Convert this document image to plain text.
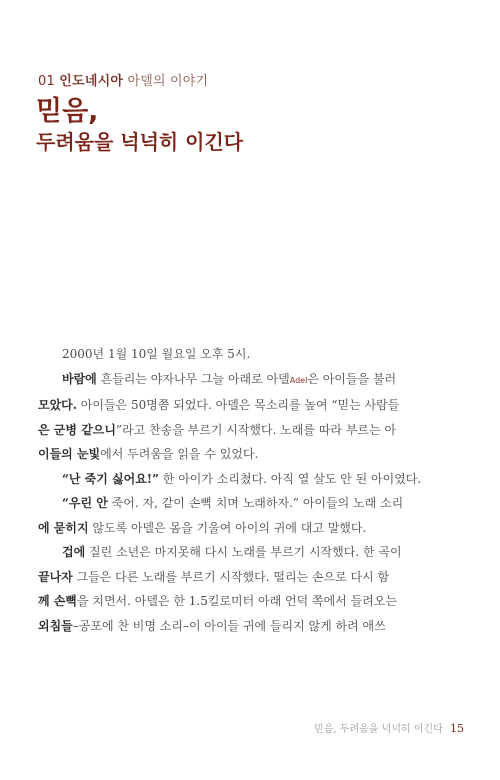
01 인도네시아 아델의 이야기
믿음,
두려움을 넉넉히 이긴다

2000년 1월 10일 월요일 오후 5시.

바람에 흔들리는 야자나무 그늘 아래로 아델Adel은 아이들을 불러
모았다. 아이들은 50명쯤 되었다. 아델은 목소리를 높여 “믿는 사람들
은 군병 같으니”라고 찬송을 부르기 시작했다. 노래를 따라 부르는 아
이들의 눈빛에서 두려움을 읽을 수 있었다.

“난 죽기 싫어요!” 한 아이가 소리쳤다. 아직 열 살도 안 된 아이였다.

“우린 안 죽어. 자, 같이 손뼉 치며 노래하자.” 아이들의 노래 소리
에 묻히지 않도록 아델은 몸을 기울여 아이의 귀에 대고 말했다.

겁에 질린 소년은 마지못해 다시 노래를 부르기 시작했다. 한 곡이
끝나자 그들은 다른 노래를 부르기 시작했다. 떨리는 손으로 다시 함
께 손뼉을 치면서. 아델은 한 1.5킬로미터 아래 언덕 쪽에서 들려오는
외침들–공포에 찬 비명 소리–이 아이들 귀에 들리지 않게 하려 애쓰

믿음, 두려움을 넉넉히 이긴다 15
